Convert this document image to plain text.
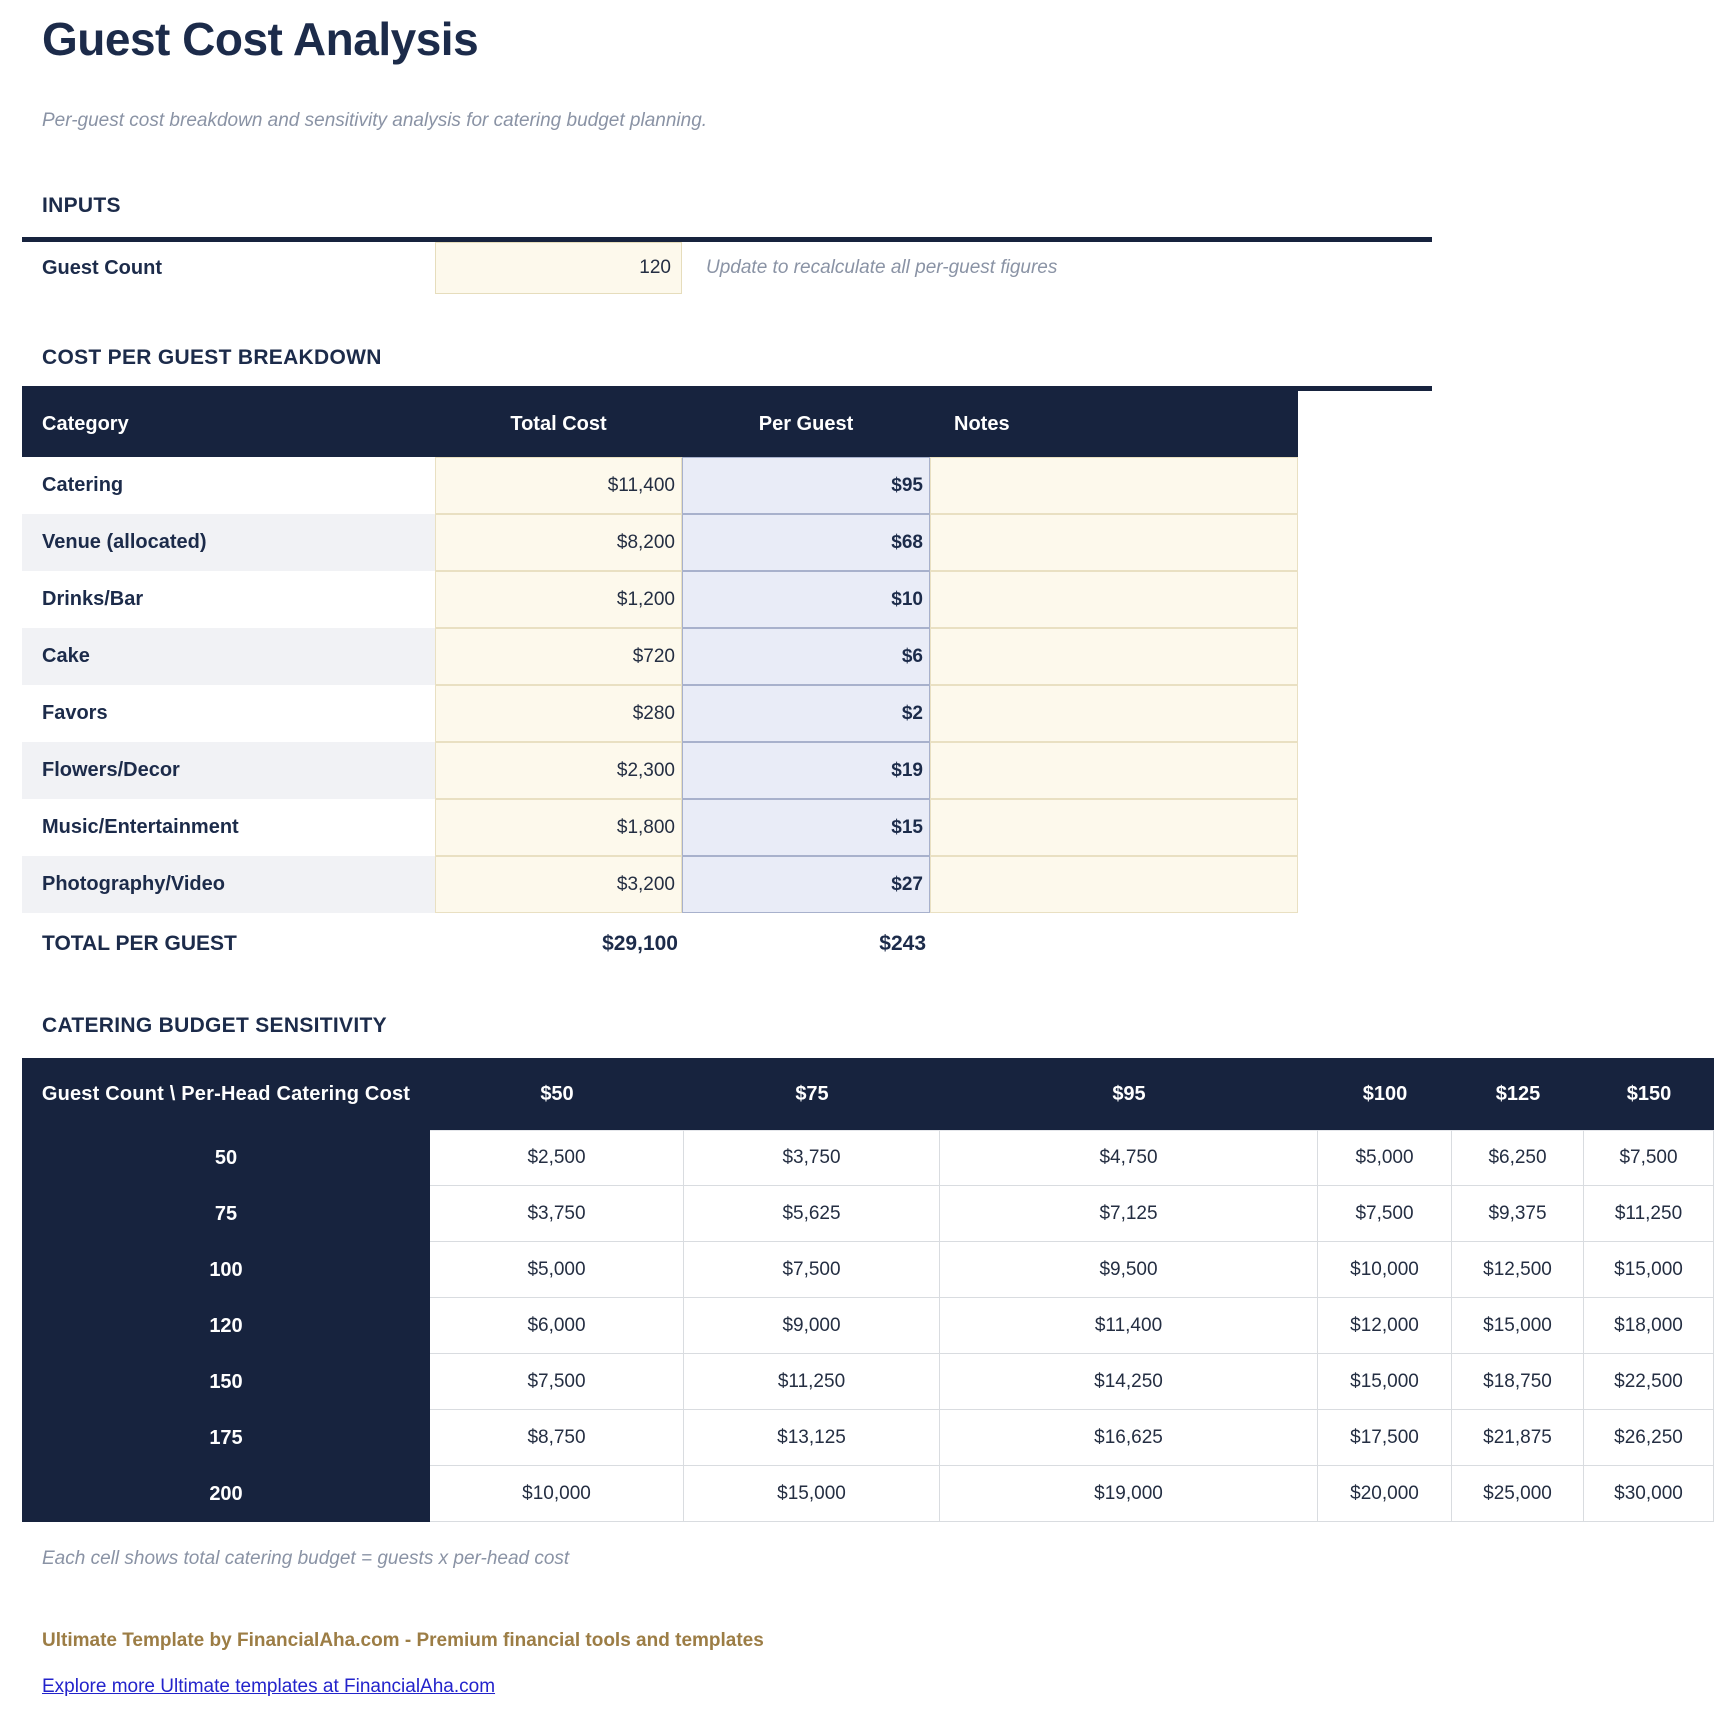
Guest Cost Analysis
Per-guest cost breakdown and sensitivity analysis for catering budget planning.
INPUTS
Guest Count
120	Update to recalculate all per-guest figures
COST PER GUEST BREAKDOWN
Category	Total Cost	Per Guest	Notes
Catering	$11,400	$95
Venue (allocated)	$8,200	$68
Drinks/Bar	$1,200	$10
Cake	$720	$6
Favors	$280	$2
Flowers/Decor	$2,300	$19
Music/Entertainment	$1,800	$15
Photography/Video	$3,200	$27
TOTAL PER GUEST	$29,100	$243
CATERING BUDGET SENSITIVITY
Guest Count \ Per-Head Catering Cost	$50	$75	$95	$100	$125	$150
50	$2,500	$3,750	$4,750	$5,000	$6,250	$7,500
75	$3,750	$5,625	$7,125	$7,500	$9,375	$11,250
100	$5,000	$7,500	$9,500	$10,000	$12,500	$15,000
120	$6,000	$9,000	$11,400	$12,000	$15,000	$18,000
150	$7,500	$11,250	$14,250	$15,000	$18,750	$22,500
175	$8,750	$13,125	$16,625	$17,500	$21,875	$26,250
200	$10,000	$15,000	$19,000	$20,000	$25,000	$30,000
Each cell shows total catering budget = guests x per-head cost
Ultimate Template by FinancialAha.com - Premium financial tools and templates
Explore more Ultimate templates at FinancialAha.com
